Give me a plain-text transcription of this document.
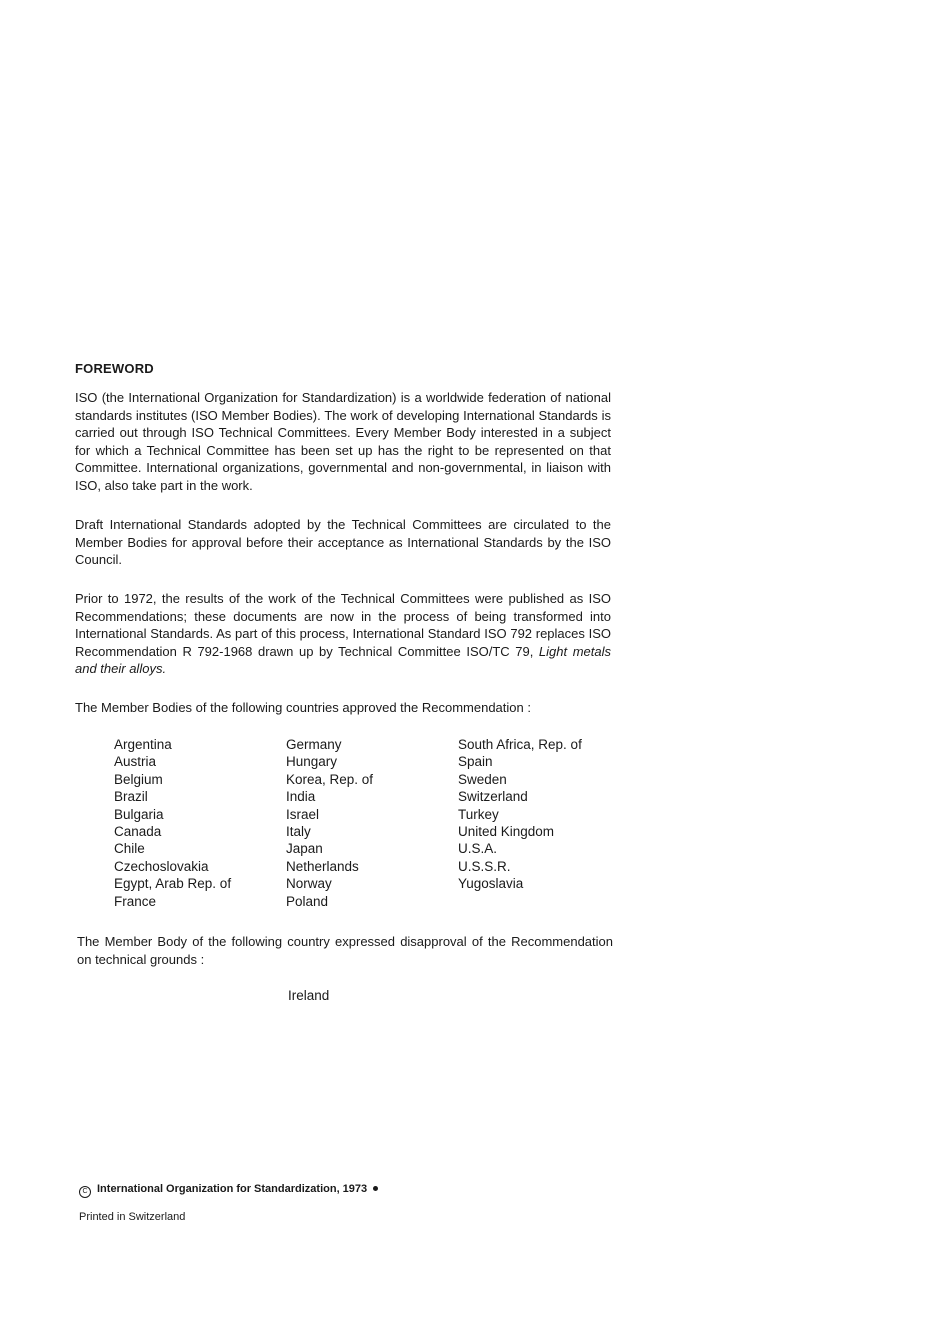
FOREWORD

ISO (the International Organization for Standardization) is a worldwide federation of national standards institutes (ISO Member Bodies). The work of developing International Standards is carried out through ISO Technical Committees. Every Member Body interested in a subject for which a Technical Committee has been set up has the right to be represented on that Committee. International organizations, governmental and non-governmental, in liaison with ISO, also take part in the work.

Draft International Standards adopted by the Technical Committees are circulated to the Member Bodies for approval before their acceptance as International Standards by the ISO Council.

Prior to 1972, the results of the work of the Technical Committees were published as ISO Recommendations; these documents are now in the process of being transformed into International Standards. As part of this process, International Standard ISO 792 replaces ISO Recommendation R 792-1968 drawn up by Technical Committee ISO/TC 79, Light metals and their alloys.

The Member Bodies of the following countries approved the Recommendation :

Argentina
Austria
Belgium
Brazil
Bulgaria
Canada
Chile
Czechoslovakia
Egypt, Arab Rep. of
France
Germany
Hungary
Korea, Rep. of
India
Israel
Italy
Japan
Netherlands
Norway
Poland
South Africa, Rep. of
Spain
Sweden
Switzerland
Turkey
United Kingdom
U.S.A.
U.S.S.R.
Yugoslavia

The Member Body of the following country expressed disapproval of the Recommendation on technical grounds :

Ireland
C International Organization for Standardization, 1973
Printed in Switzerland
